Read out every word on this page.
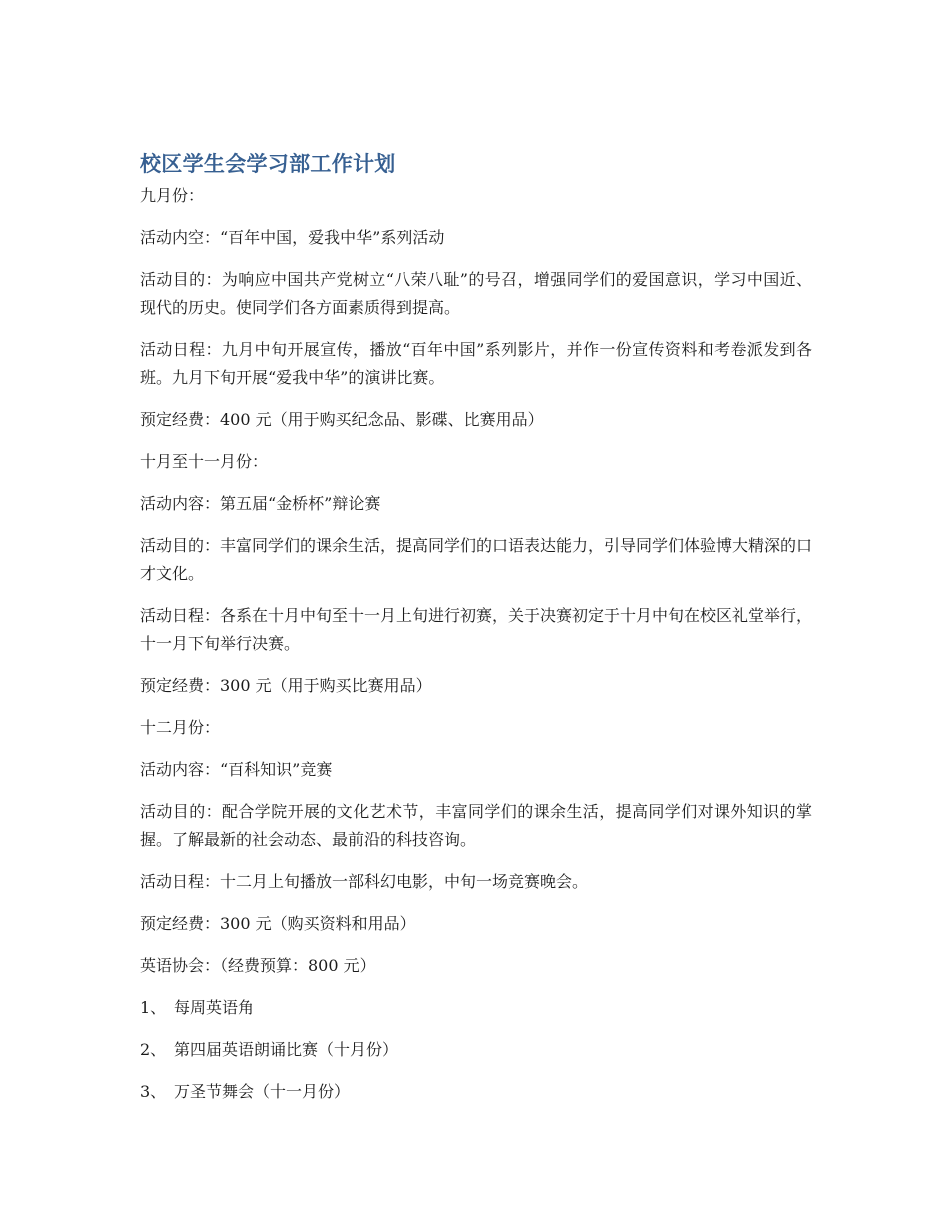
校区学生会学习部工作计划

九月份：

活动内空：“百年中国，爱我中华”系列活动

活动目的：为响应中国共产党树立“八荣八耻”的号召，增强同学们的爱国意识，学习中国近、现代的历史。使同学们各方面素质得到提高。

活动日程：九月中旬开展宣传，播放“百年中国”系列影片，并作一份宣传资料和考卷派发到各班。九月下旬开展“爱我中华”的演讲比赛。

预定经费：400 元（用于购买纪念品、影碟、比赛用品）

十月至十一月份：

活动内容：第五届“金桥杯”辩论赛

活动目的：丰富同学们的课余生活，提高同学们的口语表达能力，引导同学们体验博大精深的口才文化。

活动日程：各系在十月中旬至十一月上旬进行初赛，关于决赛初定于十月中旬在校区礼堂举行，十一月下旬举行决赛。

预定经费：300 元（用于购买比赛用品）

十二月份：

活动内容：“百科知识”竞赛

活动目的：配合学院开展的文化艺术节，丰富同学们的课余生活，提高同学们对课外知识的掌握。了解最新的社会动态、最前沿的科技咨询。

活动日程：十二月上旬播放一部科幻电影，中旬一场竞赛晚会。

预定经费：300 元（购买资料和用品）

英语协会：（经费预算：800 元）

1、 每周英语角
2、 第四届英语朗诵比赛（十月份）
3、 万圣节舞会（十一月份）
